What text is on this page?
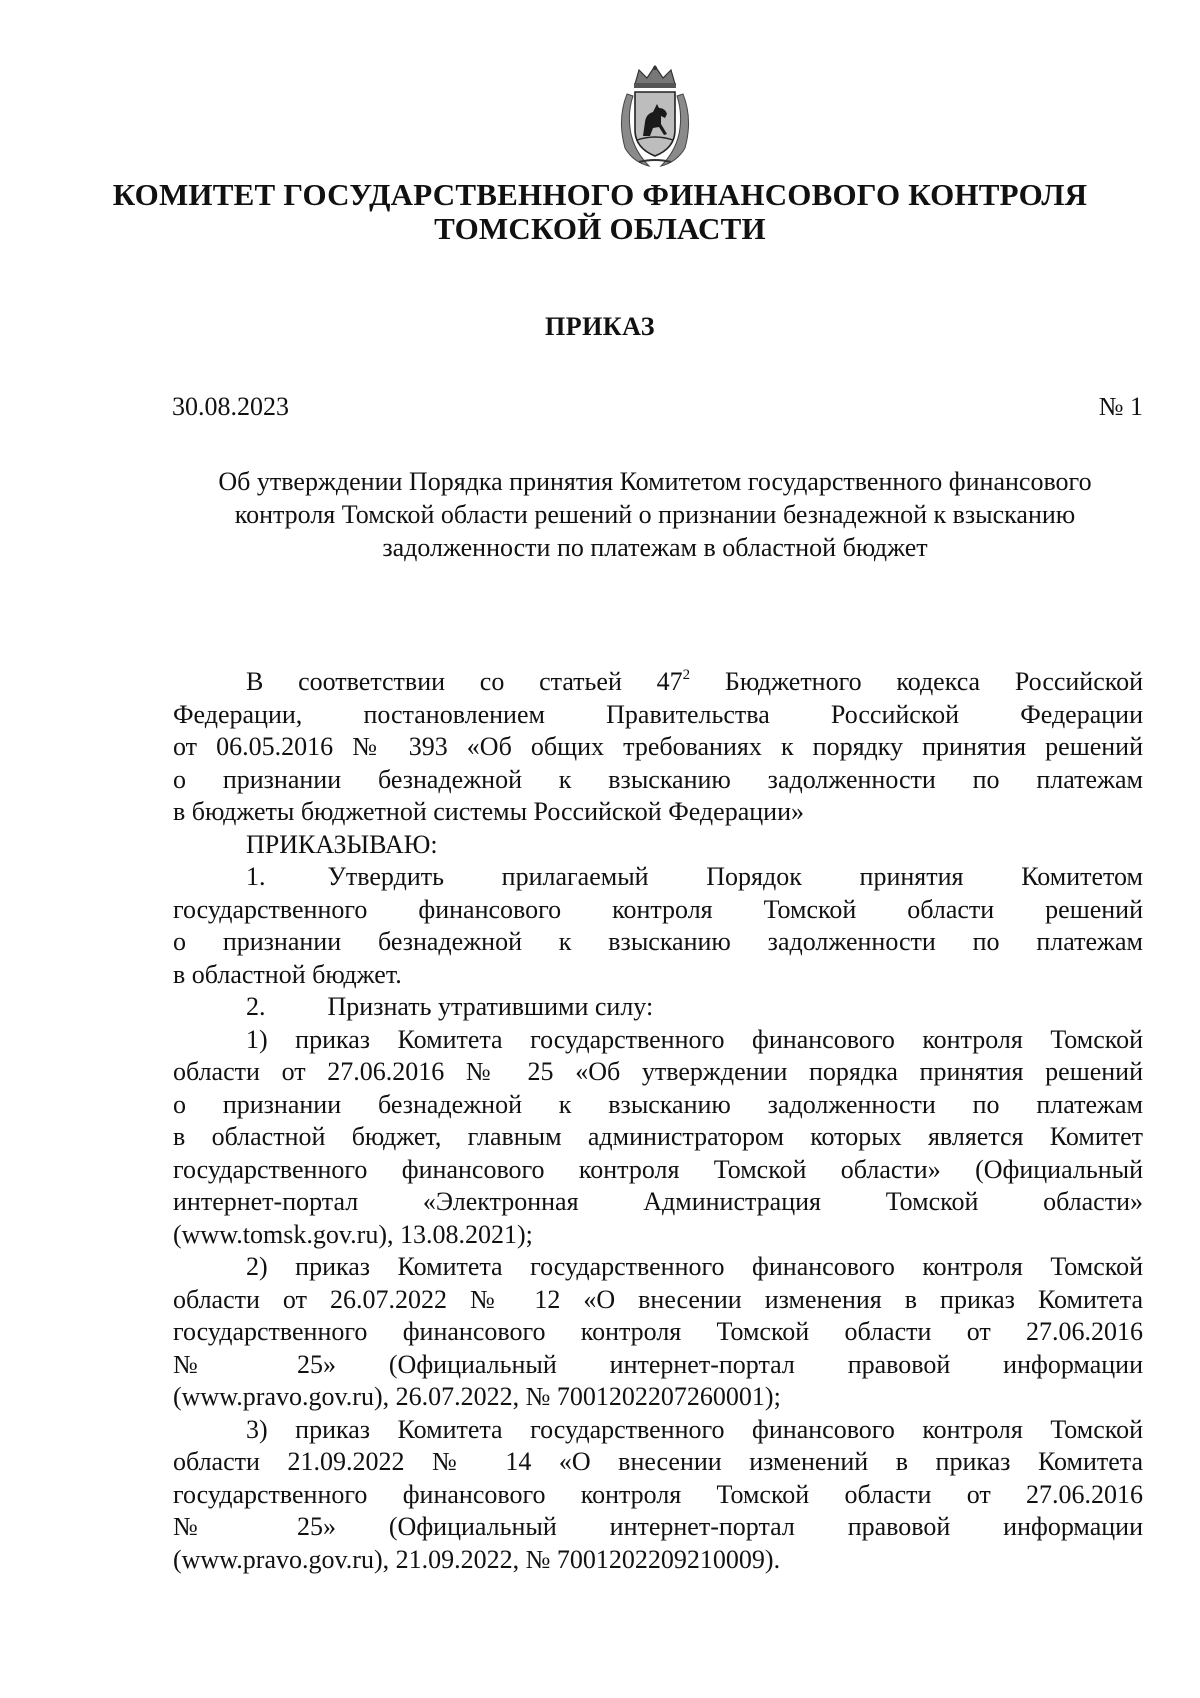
КОМИТЕТ ГОСУДАРСТВЕННОГО ФИНАНСОВОГО КОНТРОЛЯ
ТОМСКОЙ ОБЛАСТИ
ПРИКАЗ
30.08.2023	№ 1
Об утверждении Порядка принятия Комитетом государственного финансового
контроля Томской области решений о признании безнадежной к взысканию
задолженности по платежам в областной бюджет
В соответствии со статьей $47^2$ Бюджетного кодекса Российской
Федерации, постановлением Правительства Российской Федерации
от 06.05.2016 № 393 «Об общих требованиях к порядку принятия решений
о признании безнадежной к взысканию задолженности по платежам
в бюджеты бюджетной системы Российской Федерации»
ПРИКАЗЫВАЮ:
1. Утвердить прилагаемый Порядок принятия Комитетом
государственного финансового контроля Томской области решений
о признании безнадежной к взысканию задолженности по платежам
в областной бюджет.
2. Признать утратившими силу:
1) приказ Комитета государственного финансового контроля Томской
области от 27.06.2016 № 25 «Об утверждении порядка принятия решений
о признании безнадежной к взысканию задолженности по платежам
в областной бюджет, главным администратором которых является Комитет
государственного финансового контроля Томской области» (Официальный
интернет-портал «Электронная Администрация Томской области»
(www.tomsk.gov.ru), 13.08.2021);
2) приказ Комитета государственного финансового контроля Томской
области от 26.07.2022 № 12 «О внесении изменения в приказ Комитета
государственного финансового контроля Томской области от 27.06.2016
№ 25» (Официальный интернет-портал правовой информации
(www.pravo.gov.ru), 26.07.2022, № 7001202207260001);
3) приказ Комитета государственного финансового контроля Томской
области 21.09.2022 № 14 «О внесении изменений в приказ Комитета
государственного финансового контроля Томской области от 27.06.2016
№ 25» (Официальный интернет-портал правовой информации
(www.pravo.gov.ru), 21.09.2022, № 7001202209210009).
